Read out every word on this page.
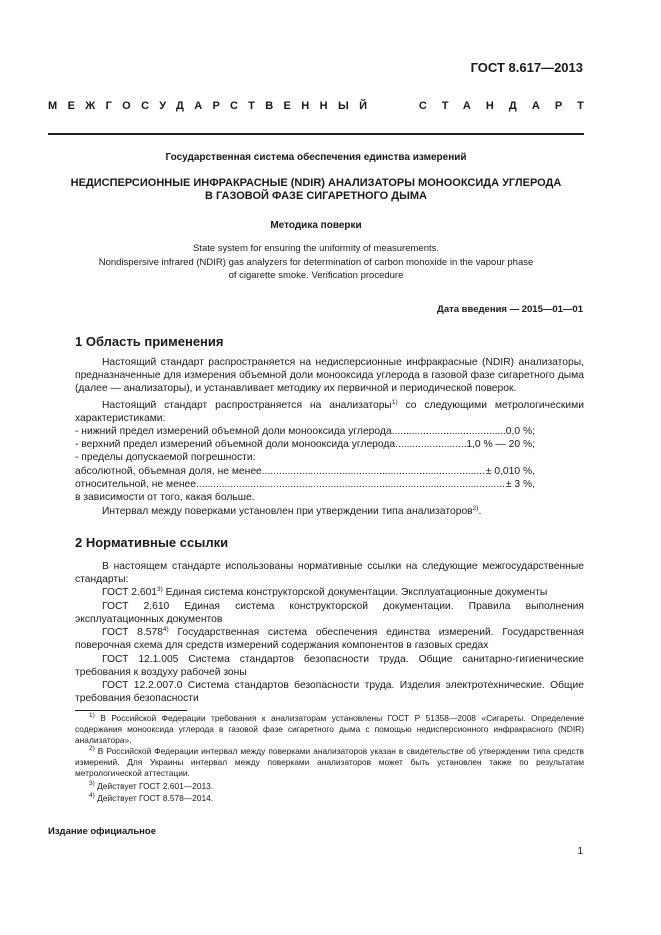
ГОСТ 8.617—2013
МЕЖГОСУДАРСТВЕННЫЙ	СТАНДАРТ
Государственная система обеспечения единства измерений
НЕДИСПЕРСИОННЫЕ ИНФРАКРАСНЫЕ (NDIR) АНАЛИЗАТОРЫ МОНООКСИДА УГЛЕРОДА
В ГАЗОВОЙ ФАЗЕ СИГАРЕТНОГО ДЫМА
Методика поверки
State system for ensuring the uniformity of measurements.
Nondispersive infrared (NDIR) gas analyzers for determination of carbon monoxide in the vapour phase
of cigarette smoke. Verification procedure
Дата введения — 2015—01—01
1 Область применения

Настоящий стандарт распространяется на недисперсионные инфракрасные (NDIR) анализаторы, предназначенные для измерения объемной доли монооксида углерода в газовой фазе сигаретного дыма (далее — анализаторы), и устанавливает методику их первичной и периодической поверок.

Настоящий стандарт распространяется на анализаторы$^{1)}$ со следующими метрологическими характеристиками:

- нижний предел измерений объемной доли монооксида углерода .....	0,0 %;
- верхний предел измерений объемной доли монооксида углерода .....	1,0 % — 20 %;

- пределы допускаемой погрешности:

абсолютной, объемная доля, не менее .....	± 0,010 %,
относительной, не менее .....	± 3 %,

в зависимости от того, какая больше.

Интервал между поверками установлен при утверждении типа анализаторов$^{2)}$.

2 Нормативные ссылки

В настоящем стандарте использованы нормативные ссылки на следующие межгосударственные стандарты:

ГОСТ 2.601$^{3)}$ Единая система конструкторской документации. Эксплуатационные документы

ГОСТ 2.610 Единая система конструкторской документации. Правила выполнения эксплуатационных документов

ГОСТ 8.578$^{4)}$ Государственная система обеспечения единства измерений. Государственная поверочная схема для средств измерений содержания компонентов в газовых средах

ГОСТ 12.1.005 Система стандартов безопасности труда. Общие санитарно-гигиенические требования к воздуху рабочей зоны

ГОСТ 12.2.007.0 Система стандартов безопасности труда. Изделия электротехнические. Общие требования безопасности

$^{1)}$ В Российской Федерации требования к анализаторам установлены ГОСТ Р 51358—2008 «Сигареты. Определение содержания монооксида углерода в газовой фазе сигаретного дыма с помощью недисперсионного инфракрасного (NDIR) анализатора».

$^{2)}$ В Российской Федерации интервал между поверками анализаторов указан в свидетельстве об утверждении типа средств измерений. Для Украины интервал между поверками анализаторов может быть установлен также по результатам метрологической аттестации.

$^{3)}$ Действует ГОСТ 2.601—2013.

$^{4)}$ Действует ГОСТ 8.578—2014.

Издание официальное
1
